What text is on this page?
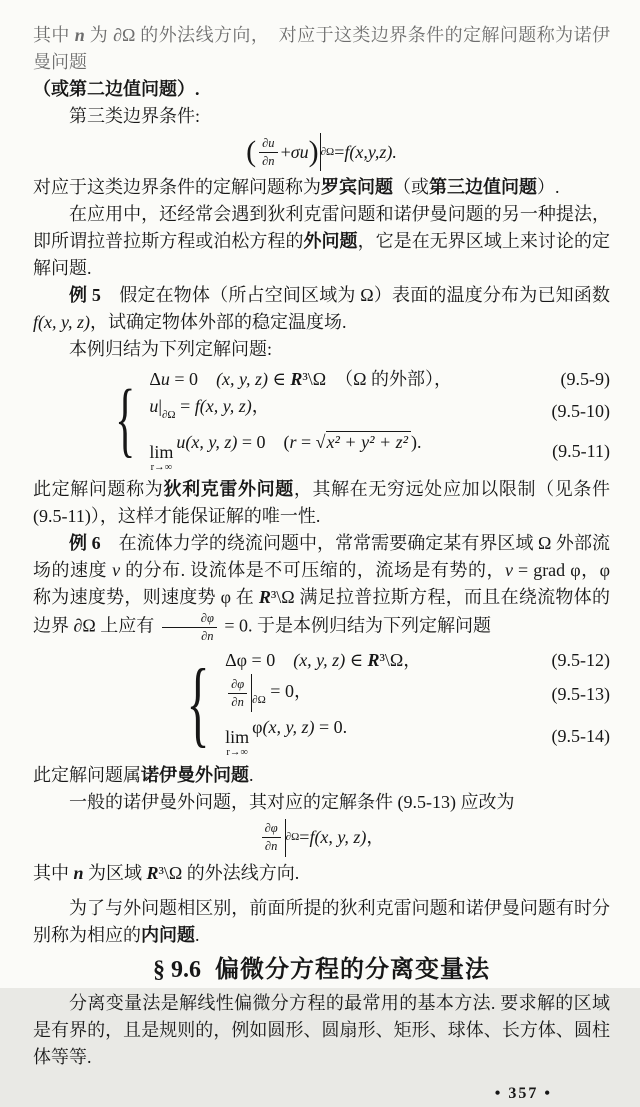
其中 n 为 ∂Ω 的外法线方向，　对应于这类边界条件的定解问题称为诺伊曼问题

（或第二边值问题）.

第三类边界条件:

( $\frac{\partial u}{\partial n} + \sigma u$ ) ∂Ω = f(x,y,z).

对应于这类边界条件的定解问题称为罗宾问题（或第三边值问题）.

在应用中，还经常会遇到狄利克雷问题和诺伊曼问题的另一种提法，即所谓拉普拉斯方程或泊松方程的外问题，它是在无界区域上来讨论的定解问题.

例 5　假定在物体（所占空间区域为 Ω）表面的温度分布为已知函数 f(x, y, z)，试确定物体外部的稳定温度场.

本例归结为下列定解问题:

{ Δu = 0　(x, y, z) ∈ R³\Ω　（Ω 的外部），	(9.5-9)
$u|_{\partial\Omega} = f(x$, y, z)，	(9.5-10)
lim
r→∞
u(x, y, z) = 0　(r = √x² + y² + z² ).	(9.5-11)

此定解问题称为狄利克雷外问题，其解在无穷远处应加以限制（见条件 (9.5-11)），这样才能保证解的唯一性.

例 6　在流体力学的绕流问题中，常常需要确定某有界区域 Ω 外部流场的速度 v 的分布. 设流体是不可压缩的，流场是有势的，v = grad φ，φ 称为速度势，则速度势 φ 在 R³\Ω 满足拉普拉斯方程，而且在绕流物体的边界 ∂Ω 上应有 $\frac{\partial\varphi}{\partial n} = 0$. 于是本例归结为下列定解问题

{ Δφ = 0　(x, y, z) ∈ R³\Ω，	(9.5-12)
$\frac{\partial\varphi}{\partial n} _{\partial\Omega} = 0$，	(9.5-13)
lim
r→∞
φ(x, y, z) = 0.	(9.5-14)

此定解问题属诺伊曼外问题.

一般的诺伊曼外问题，其对应的定解条件 (9.5-13) 应改为

$\frac{\partial\varphi}{\partial n} \partial\Omega = f(x$, y, z) ，

其中 n 为区域 R³\Ω 的外法线方向.

为了与外问题相区别，前面所提的狄利克雷问题和诺伊曼问题有时分别称为相应的内问题.

§ 9.6 偏微分方程的分离变量法

分离变量法是解线性偏微分方程的最常用的基本方法. 要求解的区域是有界的，且是规则的，例如圆形、圆扇形、矩形、球体、长方体、圆柱体等等.

• 357 •
